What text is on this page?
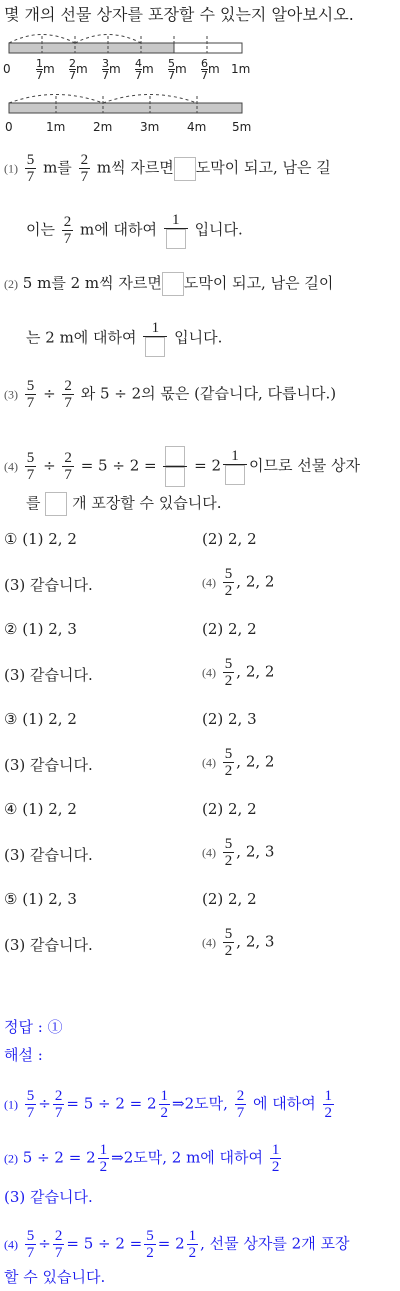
몇 개의 선물 상자를 포장할 수 있는지 알아보시오.
$0 \frac{1}{7}$ m $\frac{2}{7}$ m $\frac{3}{7}$ m $\frac{4}{7}$ m $\frac{5}{7}$ m $\frac{6}{7}$ m 1m
0	1m 2m 3m 4m 5m
$(1) \frac{5}{7}$ m를 $\frac{2}{7}$ m씩 자르면 도막이 되고, 남은 길
이는 $\frac{2}{7}$ m에 대하여
1
입니다.
(2) 5 m를 2 m씩 자르면 도막이 되고, 남은 길이
는 2 m에 대하여
1
입니다.
$(3) \frac{5}{7} \div \frac{2}{7}$ 와 5 ÷ 2의 몫은 (같습니다, 다릅니다.)
$(4) \frac{5}{7} \div \frac{2}{7} = 5 \div 2$ =	= 2
1
이므로 선물 상자
를 개 포장할 수 있습니다.
① (1) 2, 2	(2) 2, 2
(3) 같습니다.	$(4) \frac{5}{2}$ , 2, 2
② (1) 2, 3	(2) 2, 2
(3) 같습니다.	$(4) \frac{5}{2}$ , 2, 2
③ (1) 2, 2	(2) 2, 3
(3) 같습니다.	$(4) \frac{5}{2}$ , 2, 2
④ (1) 2, 2	(2) 2, 2
(3) 같습니다.	$(4) \frac{5}{2}$ , 2, 3
⑤ (1) 2, 3	(2) 2, 2
(3) 같습니다.	$(4) \frac{5}{2}$ , 2, 3
정답 : ①
해설 :
$(1) \frac{5}{7} \div \frac{2}{7} = 5 \div 2 = 2 \frac{1}{2}$ ⇒2도막, $\frac{2}{7}$ 에 대하여 $\frac{1}{2}$
(2) $5 \div 2 = 2 \frac{1}{2}$ ⇒2도막, 2 m에 대하여 $\frac{1}{2}$
(3) 같습니다.
$(4) \frac{5}{7} \div \frac{2}{7} = 5 \div 2 = \frac{5}{2} = 2 \frac{1}{2}$ , 선물 상자를 2개 포장
할 수 있습니다.
